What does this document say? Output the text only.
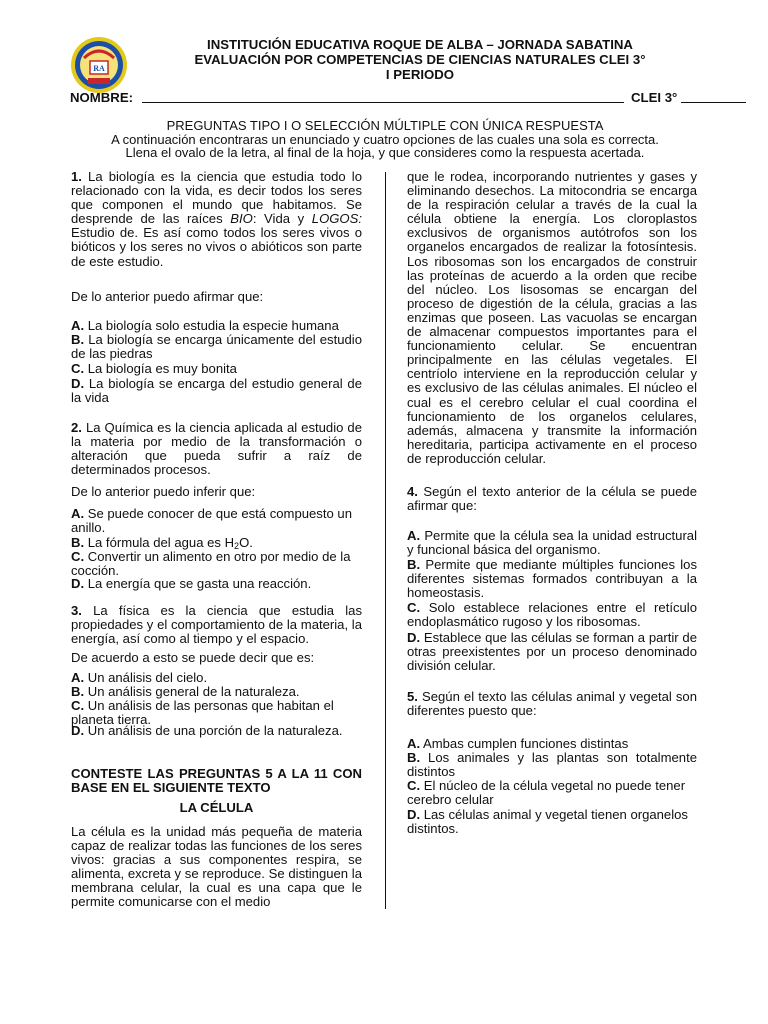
RA
INSTITUCIÓN EDUCATIVA ROQUE DE ALBA – JORNADA SABATINA
EVALUACIÓN POR COMPETENCIAS DE CIENCIAS NATURALES CLEI 3°
I PERIODO
NOMBRE:	CLEI 3°
PREGUNTAS TIPO I O SELECCIÓN MÚLTIPLE CON ÚNICA RESPUESTA
A continuación encontraras un enunciado y cuatro opciones de las cuales una sola es correcta.
Llena el ovalo de la letra, al final de la hoja, y que consideres como la respuesta acertada.

1. La biología es la ciencia que estudia todo lo relacionado con la vida, es decir todos los seres que componen el mundo que habitamos. Se desprende de las raíces BIO: Vida y LOGOS: Estudio de. Es así como todos los seres vivos o bióticos y los seres no vivos o abióticos son parte de este estudio.

De lo anterior puedo afirmar que:

A. La biología solo estudia la especie humana

B. La biología se encarga únicamente del estudio de las piedras

C. La biología es muy bonita

D. La biología se encarga del estudio general de la vida

2. La Química es la ciencia aplicada al estudio de la materia por medio de la transformación o alteración que pueda sufrir a raíz de determinados procesos.

De lo anterior puedo inferir que:

A. Se puede conocer de que está compuesto un anillo.

B. La fórmula del agua es $H_2O$.

C. Convertir un alimento en otro por medio de la cocción.

D. La energía que se gasta una reacción.

3. La física es la ciencia que estudia las propiedades y el comportamiento de la materia, la energía, así como al tiempo y el espacio.

De acuerdo a esto se puede decir que es:

A. Un análisis del cielo.

B. Un análisis general de la naturaleza.

C. Un análisis de las personas que habitan el planeta tierra.

D. Un análisis de una porción de la naturaleza.

CONTESTE LAS PREGUNTAS 5 A LA 11 CON BASE EN EL SIGUIENTE TEXTO

LA CÉLULA

La célula es la unidad más pequeña de materia capaz de realizar todas las funciones de los seres vivos: gracias a sus componentes respira, se alimenta, excreta y se reproduce. Se distinguen la membrana celular, la cual es una capa que le permite comunicarse con el medio

que le rodea, incorporando nutrientes y gases y eliminando desechos. La mitocondria se encarga de la respiración celular a través de la cual la célula obtiene la energía. Los cloroplastos exclusivos de organismos autótrofos son los organelos encargados de realizar la fotosíntesis. Los ribosomas son los encargados de construir las proteínas de acuerdo a la orden que recibe del núcleo. Los lisosomas se encargan del proceso de digestión de la célula, gracias a las enzimas que poseen. Las vacuolas se encargan de almacenar compuestos importantes para el funcionamiento celular. Se encuentran principalmente en las células vegetales. El centríolo interviene en la reproducción celular y es exclusivo de las células animales. El núcleo el cual es el cerebro celular el cual coordina el funcionamiento de los organelos celulares, además, almacena y transmite la información hereditaria, participa activamente en el proceso de reproducción celular.

4. Según el texto anterior de la célula se puede afirmar que:

A. Permite que la célula sea la unidad estructural y funcional básica del organismo.

B. Permite que mediante múltiples funciones los diferentes sistemas formados contribuyan a la homeostasis.

C. Solo establece relaciones entre el retículo endoplasmático rugoso y los ribosomas.

D. Establece que las células se forman a partir de otras preexistentes por un proceso denominado división celular.

5. Según el texto las células animal y vegetal son diferentes puesto que:

A. Ambas cumplen funciones distintas

B. Los animales y las plantas son totalmente distintos

C. El núcleo de la célula vegetal no puede tener cerebro celular

D. Las células animal y vegetal tienen organelos distintos.
